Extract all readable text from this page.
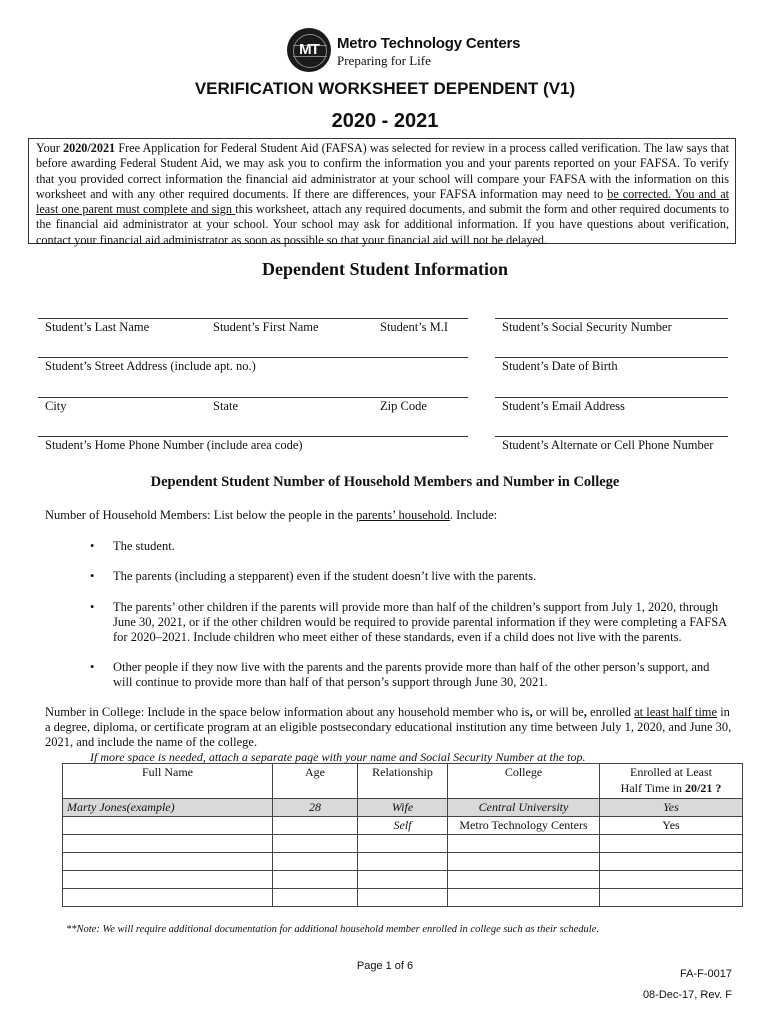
MT	Metro Technology Centers
Preparing for Life
VERIFICATION WORKSHEET DEPENDENT (V1)
2020 - 2021
Your 2020/2021 Free Application for Federal Student Aid (FAFSA) was selected for review in a process called verification. The law says that before awarding Federal Student Aid, we may ask you to confirm the information you and your parents reported on your FAFSA. To verify that you provided correct information the financial aid administrator at your school will compare your FAFSA with the information on this worksheet and with any other required documents. If there are differences, your FAFSA information may need to be corrected. You and at least one parent must complete and sign this worksheet, attach any required documents, and submit the form and other required documents to the financial aid administrator at your school. Your school may ask for additional information. If you have questions about verification, contact your financial aid administrator as soon as possible so that your financial aid will not be delayed.
Dependent Student Information
Student’s Last Name	Student’s First Name	Student’s M.I	Student’s Social Security Number
Student’s Street Address (include apt. no.)	Student’s Date of Birth
City	State	Zip Code	Student’s Email Address
Student’s Home Phone Number (include area code)	Student’s Alternate or Cell Phone Number
Dependent Student Number of Household Members and Number in College
Number of Household Members: List below the people in the parents’ household. Include:
• The student.
• The parents (including a stepparent) even if the student doesn’t live with the parents.
• The parents’ other children if the parents will provide more than half of the children’s support from July 1, 2020, through June 30, 2021, or if the other children would be required to provide parental information if they were completing a FAFSA for 2020–2021. Include children who meet either of these standards, even if a child does not live with the parents.
• Other people if they now live with the parents and the parents provide more than half of the other person’s support, and will continue to provide more than half of that person’s support through June 30, 2021.
Number in College: Include in the space below information about any household member who is, or will be, enrolled at least half time in a degree, diploma, or certificate program at an eligible postsecondary educational institution any time between July 1, 2020, and June 30, 2021, and include the name of the college.
If more space is needed, attach a separate page with your name and Social Security Number at the top.
Full Name	Age	Relationship	College	Enrolled at Least
Half Time in 20/21 ?
Marty Jones(example)	28	Wife	Central University	Yes
		Self	Metro Technology Centers	Yes

**Note: We will require additional documentation for additional household member enrolled in college such as their schedule.
Page 1 of 6
FA-F-0017
08-Dec-17, Rev. F
